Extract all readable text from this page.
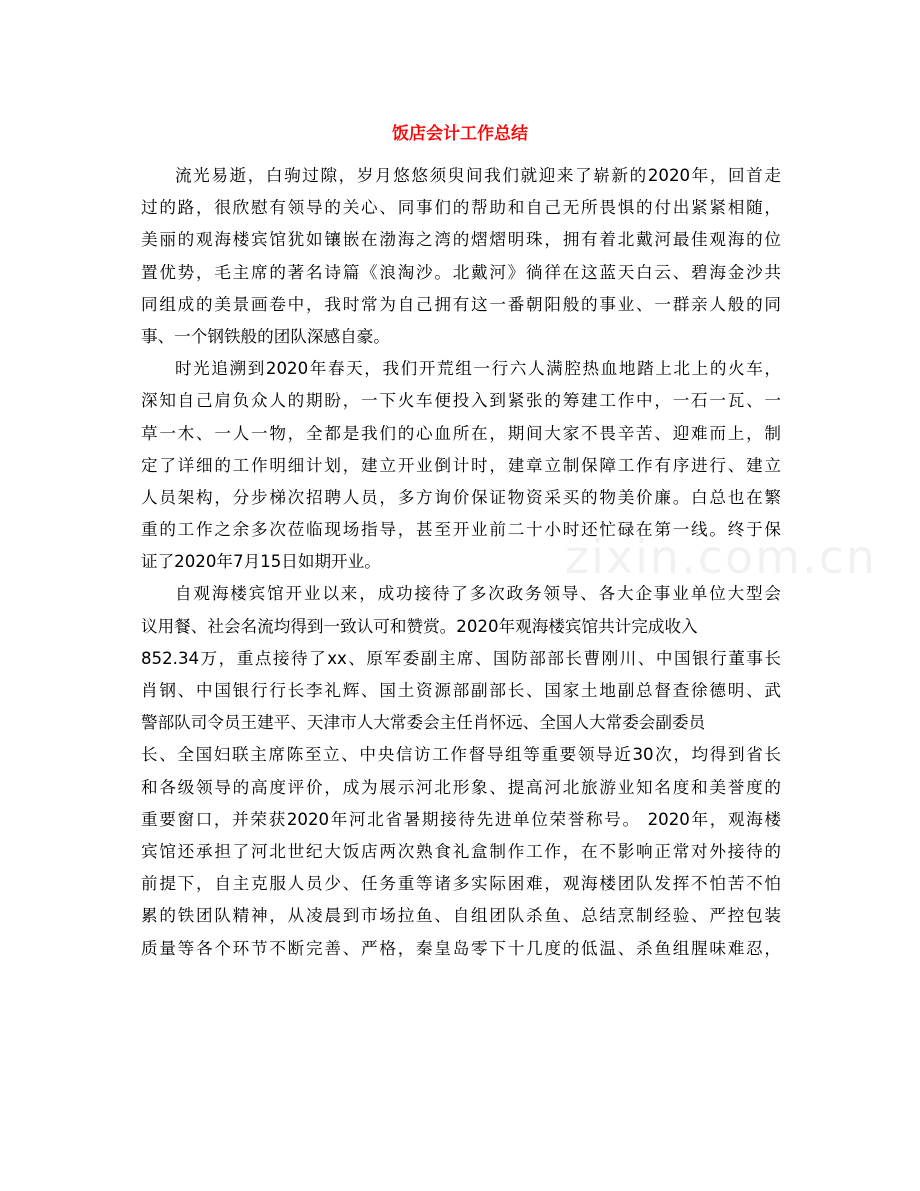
饭店会计工作总结
zixin.com.cn
流光易逝，白驹过隙，岁月悠悠须臾间我们就迎来了崭新的2020年，回首走
过的路，很欣慰有领导的关心、同事们的帮助和自己无所畏惧的付出紧紧相随，
美丽的观海楼宾馆犹如镶嵌在渤海之湾的熠熠明珠，拥有着北戴河最佳观海的位
置优势，毛主席的著名诗篇《浪淘沙。北戴河》徜徉在这蓝天白云、碧海金沙共
同组成的美景画卷中，我时常为自己拥有这一番朝阳般的事业、一群亲人般的同
事、一个钢铁般的团队深感自豪。
时光追溯到2020年春天，我们开荒组一行六人满腔热血地踏上北上的火车，
深知自己肩负众人的期盼，一下火车便投入到紧张的筹建工作中，一石一瓦、一
草一木、一人一物，全都是我们的心血所在，期间大家不畏辛苦、迎难而上，制
定了详细的工作明细计划，建立开业倒计时，建章立制保障工作有序进行、建立
人员架构，分步梯次招聘人员，多方询价保证物资采买的物美价廉。白总也在繁
重的工作之余多次莅临现场指导，甚至开业前二十小时还忙碌在第一线。终于保
证了2020年7月15日如期开业。
自观海楼宾馆开业以来，成功接待了多次政务领导、各大企事业单位大型会
议用餐、社会名流均得到一致认可和赞赏。2020年观海楼宾馆共计完成收入
852.34万，重点接待了xx、原军委副主席、国防部部长曹刚川、中国银行董事长
肖钢、中国银行行长李礼辉、国土资源部副部长、国家土地副总督查徐德明、武
警部队司令员王建平、天津市人大常委会主任肖怀远、全国人大常委会副委员
长、全国妇联主席陈至立、中央信访工作督导组等重要领导近30次，均得到省长
和各级领导的高度评价，成为展示河北形象、提高河北旅游业知名度和美誉度的
重要窗口，并荣获2020年河北省暑期接待先进单位荣誉称号。 2020年，观海楼
宾馆还承担了河北世纪大饭店两次熟食礼盒制作工作，在不影响正常对外接待的
前提下，自主克服人员少、任务重等诸多实际困难，观海楼团队发挥不怕苦不怕
累的铁团队精神，从凌晨到市场拉鱼、自组团队杀鱼、总结烹制经验、严控包装
质量等各个环节不断完善、严格，秦皇岛零下十几度的低温、杀鱼组腥味难忍，
